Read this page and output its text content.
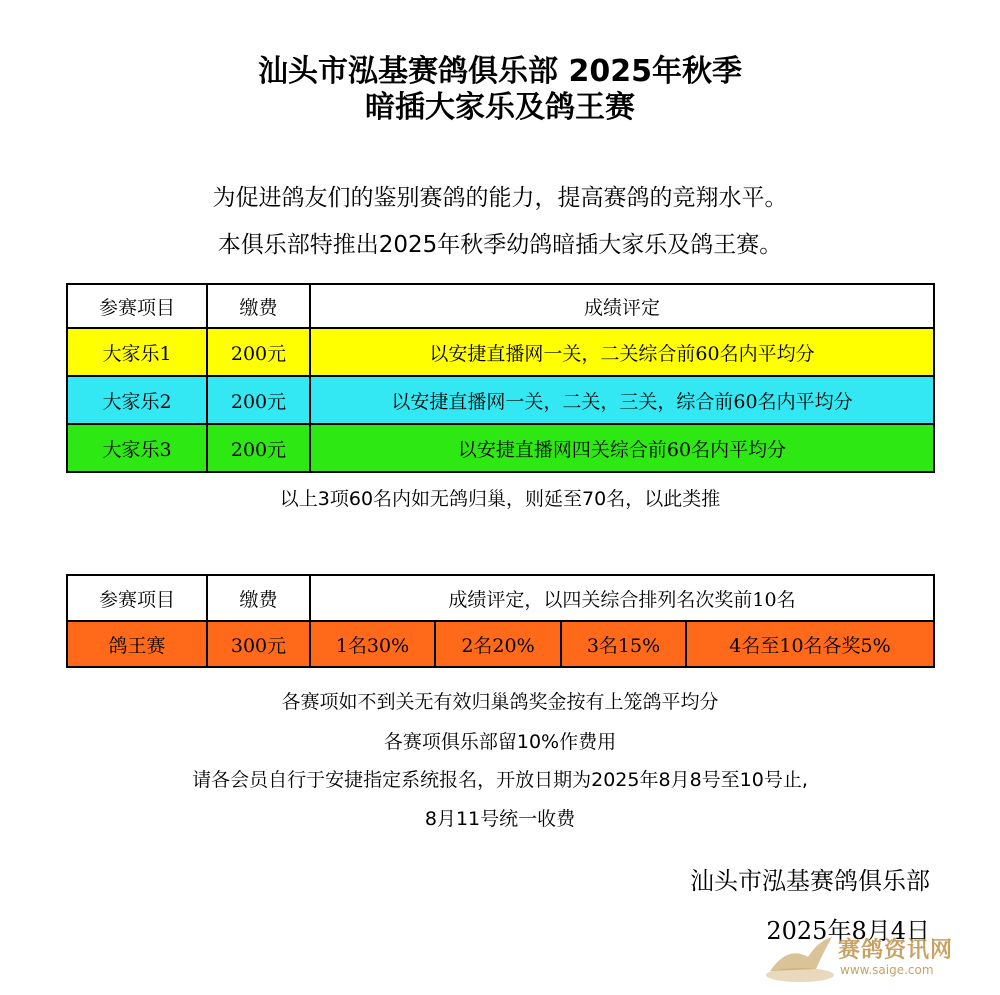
汕头市泓基赛鸽俱乐部 2025年秋季
暗插大家乐及鸽王赛
为促进鸽友们的鉴别赛鸽的能力，提高赛鸽的竞翔水平。
本俱乐部特推出2025年秋季幼鸽暗插大家乐及鸽王赛。
参赛项目	缴费	成绩评定
大家乐1	200元	以安捷直播网一关，二关综合前60名内平均分
大家乐2	200元	以安捷直播网一关，二关，三关，综合前60名内平均分
大家乐3	200元	以安捷直播网四关综合前60名内平均分
以上3项60名内如无鸽归巢，则延至70名，以此类推
参赛项目	缴费	成绩评定，以四关综合排列名次奖前10名			
鸽王赛	300元	1名30%	2名20%	3名15%	4名至10名各奖5%
各赛项如不到关无有效归巢鸽奖金按有上笼鸽平均分
各赛项俱乐部留10%作费用
请各会员自行于安捷指定系统报名，开放日期为2025年8月8号至10号止,
8月11号统一收费
汕头市泓基赛鸽俱乐部
2025年8月4日
赛鸽资讯网
www.saige.com
